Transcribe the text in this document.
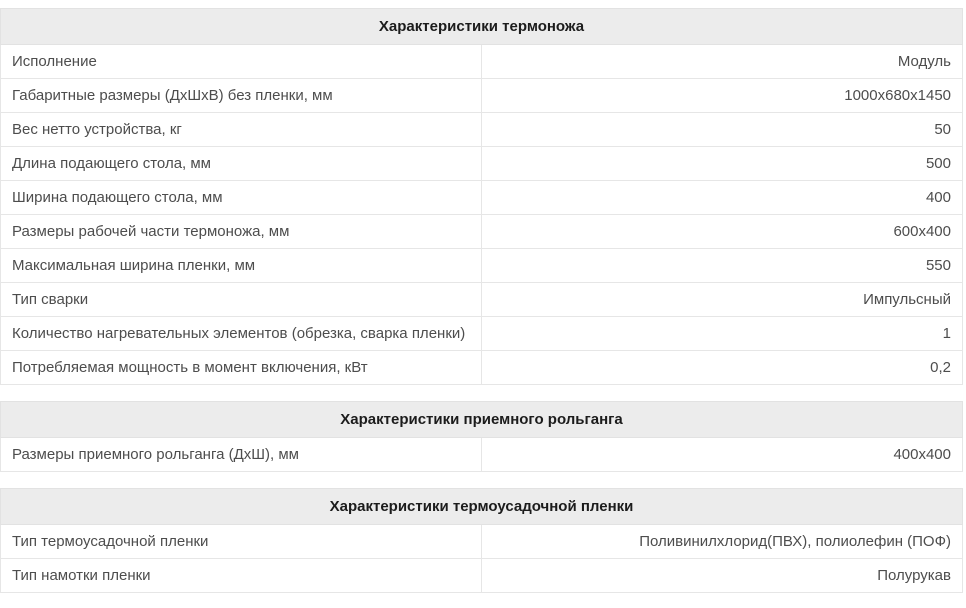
Характеристики термоножа	
Исполнение	Модуль
Габаритные размеры (ДхШхВ) без пленки, мм	1000x680x1450
Вес нетто устройства, кг	50
Длина подающего стола, мм	500
Ширина подающего стола, мм	400
Размеры рабочей части термоножа, мм	600x400
Максимальная ширина пленки, мм	550
Тип сварки	Импульсный
Количество нагревательных элементов (обрезка, сварка пленки)	1
Потребляемая мощность в момент включения, кВт	0,2
Характеристики приемного рольганга
Размеры приемного рольганга (ДхШ), мм	400x400
Характеристики термоусадочной пленки	
Тип термоусадочной пленки	Поливинилхлорид(ПВХ), полиолефин (ПОФ)
Тип намотки пленки	Полурукав
